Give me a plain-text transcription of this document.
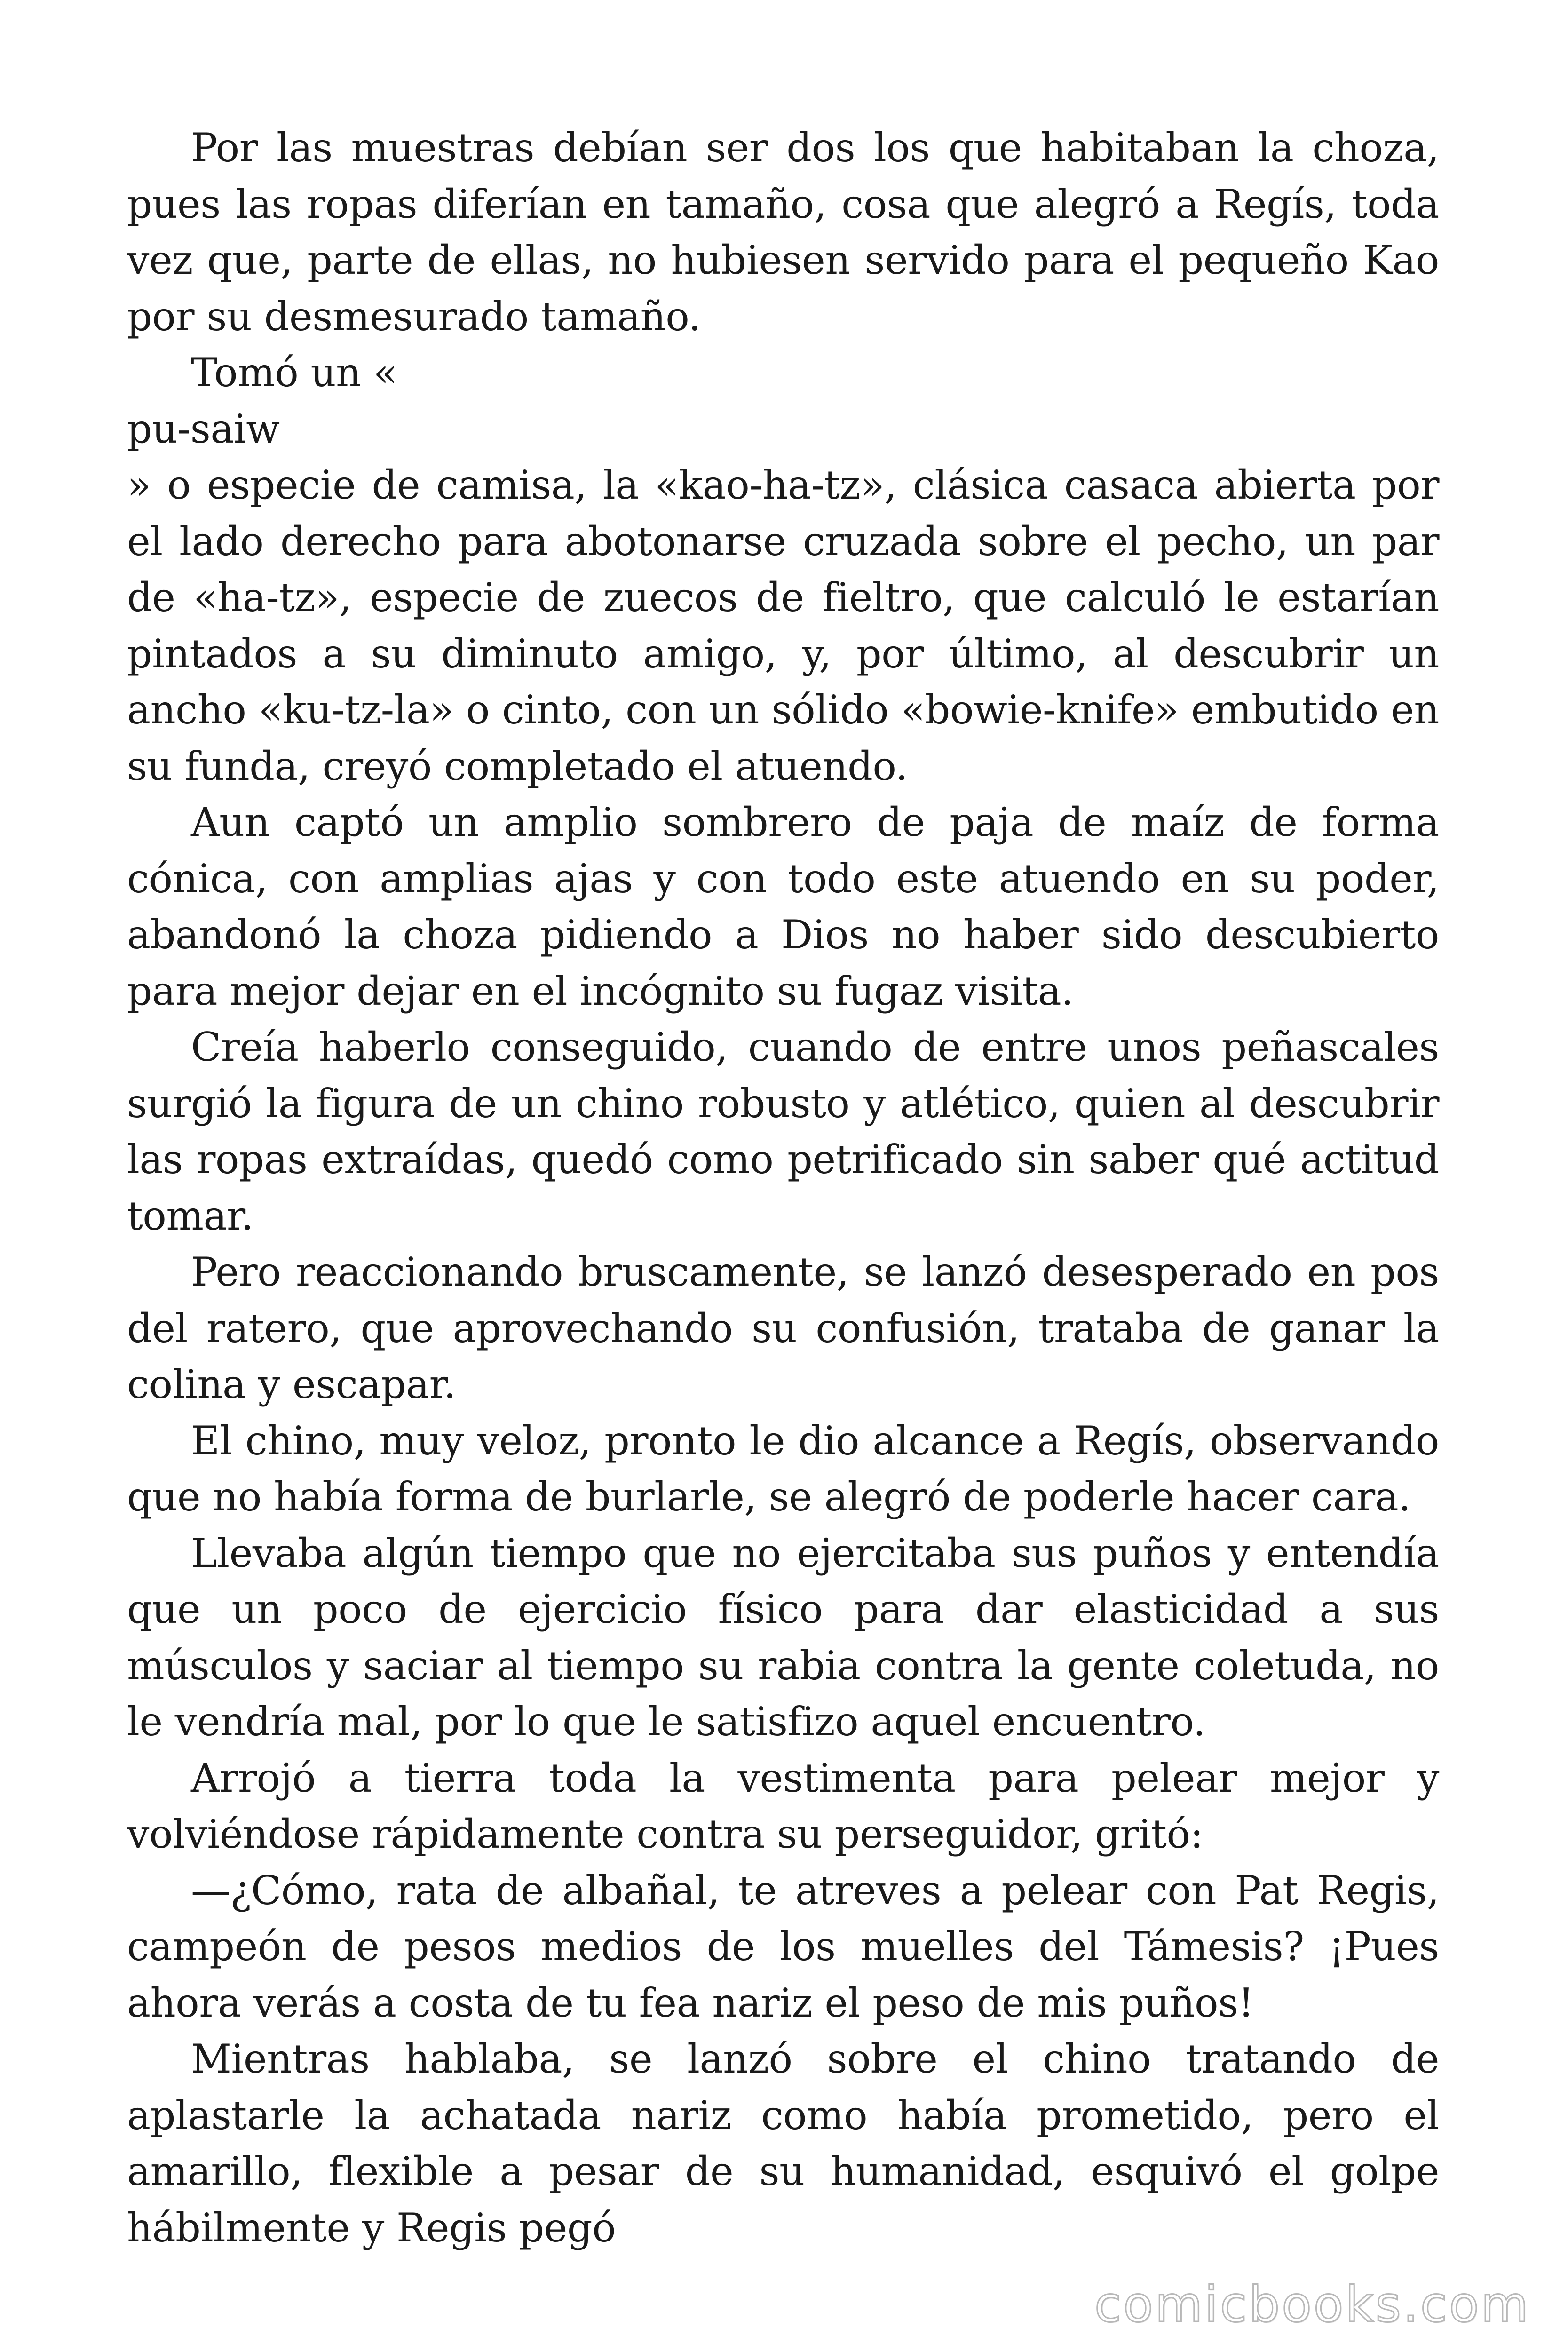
Por las muestras debían ser dos los que habitaban la choza, pues las ropas diferían en tamaño, cosa que alegró a Regís, toda vez que, parte de ellas, no hubiesen servido para el pequeño Kao por su desmesurado tamaño.

Tomó un «

pu-saiw

» o especie de camisa, la «kao-ha-tz», clásica casaca abierta por el lado derecho para abotonarse cruzada sobre el pecho, un par de «ha-tz», especie de zuecos de fieltro, que calculó le estarían pintados a su diminuto amigo, y, por último, al descubrir un ancho «ku-tz-la» o cinto, con un sólido «bowie-knife» embutido en su funda, creyó completado el atuendo.

Aun captó un amplio sombrero de paja de maíz de forma cónica, con amplias ajas y con todo este atuendo en su poder, abandonó la choza pidiendo a Dios no haber sido descubierto para mejor dejar en el incógnito su fugaz visita.

Creía haberlo conseguido, cuando de entre unos peñascales surgió la figura de un chino robusto y atlético, quien al descubrir las ropas extraídas, quedó como petrificado sin saber qué actitud tomar.

Pero reaccionando bruscamente, se lanzó desesperado en pos del ratero, que aprovechando su confusión, trataba de ganar la colina y escapar.

El chino, muy veloz, pronto le dio alcance a Regís, observando que no había forma de burlarle, se alegró de poderle hacer cara.

Llevaba algún tiempo que no ejercitaba sus puños y entendía que un poco de ejercicio físico para dar elasticidad a sus músculos y saciar al tiempo su rabia contra la gente coletuda, no le vendría mal, por lo que le satisfizo aquel encuentro.

Arrojó a tierra toda la vestimenta para pelear mejor y volviéndose rápidamente contra su perseguidor, gritó:

—¿Cómo, rata de albañal, te atreves a pelear con Pat Regis, campeón de pesos medios de los muelles del Támesis? ¡Pues ahora verás a costa de tu fea nariz el peso de mis puños!

Mientras hablaba, se lanzó sobre el chino tratando de aplastarle la achatada nariz como había prometido, pero el amarillo, flexible a pesar de su humanidad, esquivó el golpe hábilmente y Regis pegó

comicbooks.com
